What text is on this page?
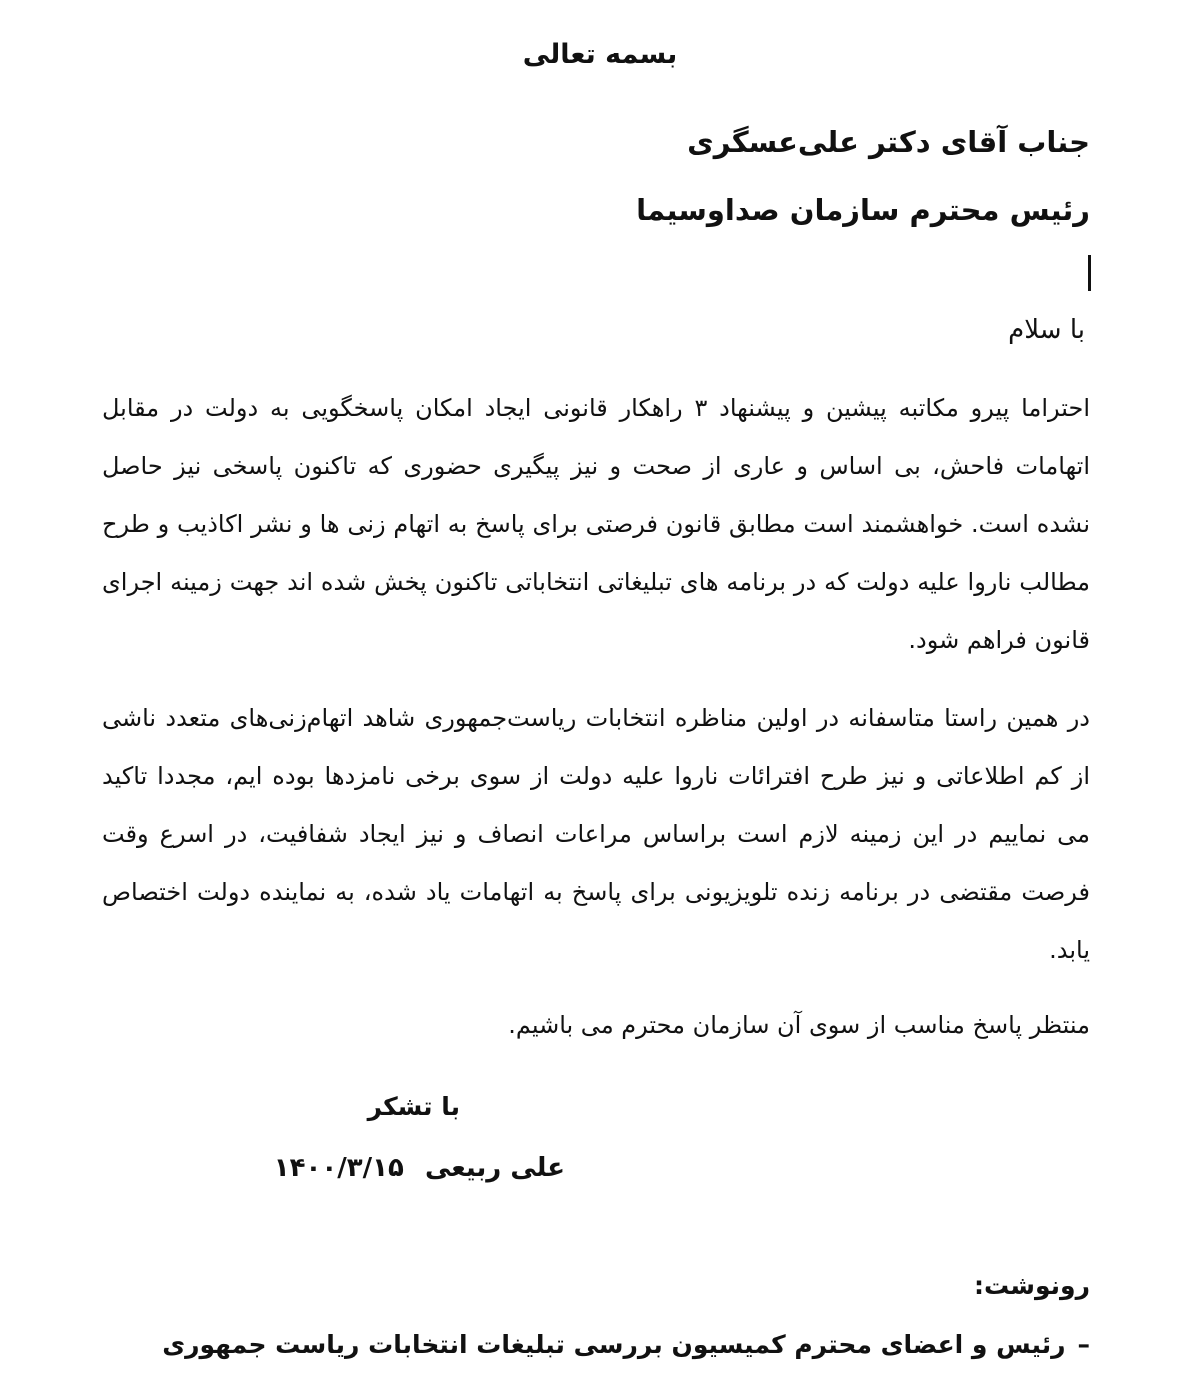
بسمه تعالی
جناب آقای دکتر علی‌عسگری
رئیس محترم سازمان صداوسیما
با سلام

احتراما پیرو مکاتبه پیشین و پیشنهاد ۳ راهکار قانونی ایجاد امکان پاسخگویی به دولت در مقابل اتهامات فاحش، بی اساس و عاری از صحت و نیز پیگیری حضوری که تاکنون پاسخی نیز حاصل نشده است. خواهشمند است مطابق قانون فرصتی برای پاسخ به اتهام زنی ها و نشر اکاذیب و طرح مطالب ناروا علیه دولت که در برنامه های تبلیغاتی انتخاباتی تاکنون پخش شده اند جهت زمینه اجرای قانون فراهم شود.

در همین راستا متاسفانه در اولین مناظره انتخابات ریاست‌جمهوری شاهد اتهام‌زنی‌های متعدد ناشی از کم اطلاعاتی و نیز طرح افترائات ناروا علیه دولت از سوی برخی نامزدها بوده ایم، مجددا تاکید می نماییم در این زمینه لازم است براساس مراعات انصاف و نیز ایجاد شفافیت، در اسرع وقت فرصت مقتضی در برنامه زنده تلویزیونی برای پاسخ به اتهامات یاد شده، به نماینده دولت اختصاص یابد.

منتظر پاسخ مناسب از سوی آن سازمان محترم می باشیم.
با تشکر
علی ربیعی ۱۴۰۰/۳/۱۵
رونوشت:
–رئیس و اعضای محترم کمیسیون بررسی تبلیغات انتخابات ریاست جمهوری
